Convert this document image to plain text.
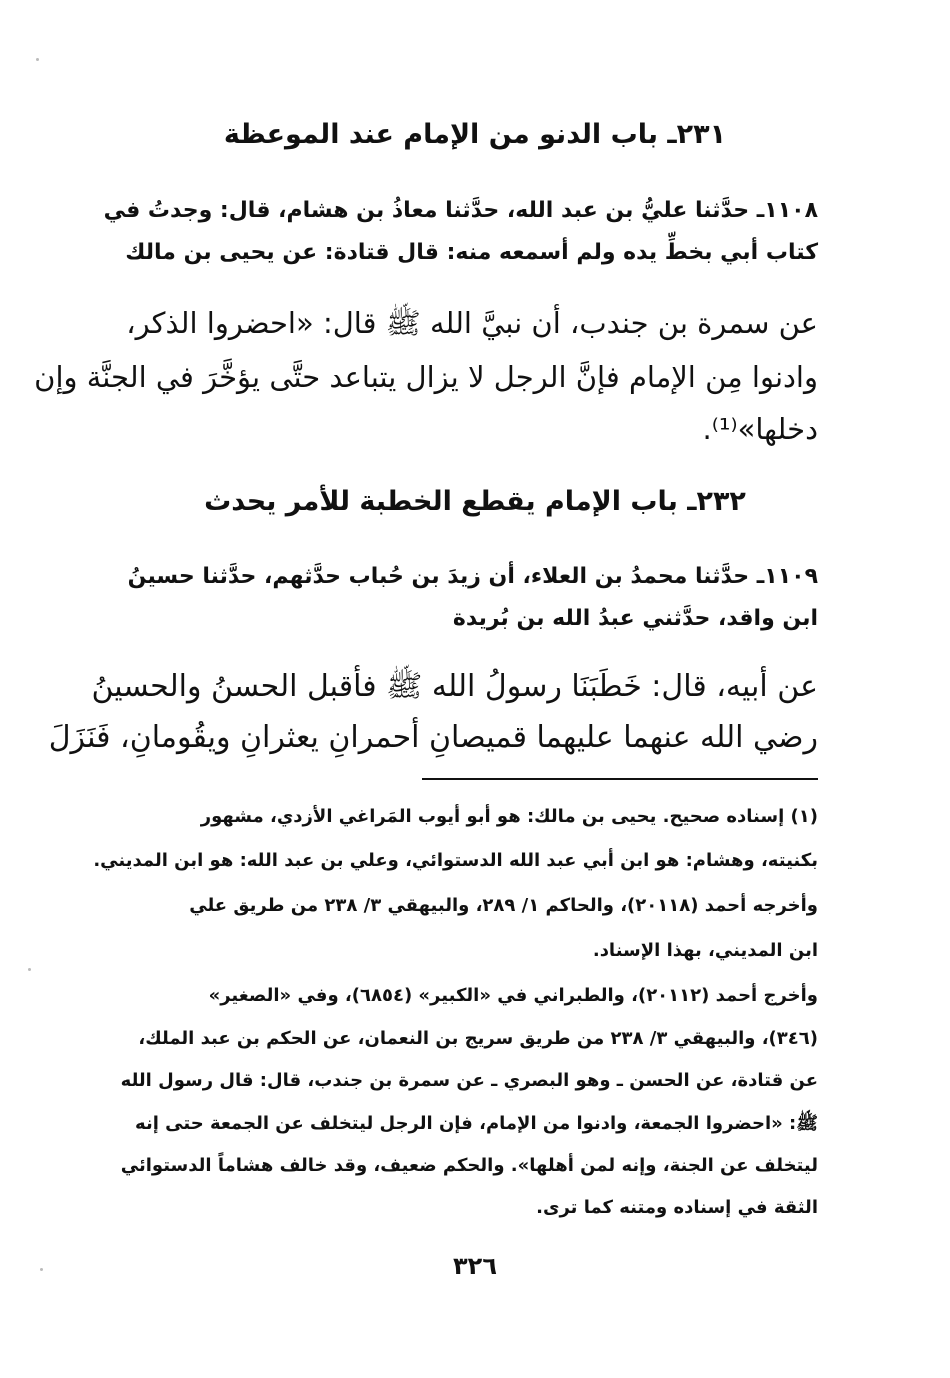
٢٣١ـ باب الدنو من الإمام عند الموعظة
١١٠٨ـ حدَّثنا عليُّ بن عبد الله، حدَّثنا معاذُ بن هشام، قال: وجدتُ في
كتاب أبي بخطِّ يده ولم أسمعه منه: قال قتادة: عن يحيى بن مالك
عن سمرة بن جندب، أن نبيَّ الله ﷺ قال: «احضروا الذكر،
وادنوا مِن الإمام فإنَّ الرجل لا يزال يتباعد حتَّى يؤخَّرَ في الجنَّة وإن
دخلها»⁽¹⁾.
٢٣٢ـ باب الإمام يقطع الخطبة للأمر يحدث
١١٠٩ـ حدَّثنا محمدُ بن العلاء، أن زيدَ بن حُباب حدَّثهم، حدَّثنا حسينُ
ابن واقد، حدَّثني عبدُ الله بن بُريدة
عن أبيه، قال: خَطَبَنَا رسولُ الله ﷺ فأقبل الحسنُ والحسينُ
رضي الله عنهما عليهما قميصانِ أحمرانِ يعثرانِ ويقُومانِ، فَنَزَلَ
(١) إسناده صحيح. يحيى بن مالك: هو أبو أيوب المَراغي الأزدي، مشهور
بكنيته، وهشام: هو ابن أبي عبد الله الدستوائي، وعلي بن عبد الله: هو ابن المديني.
وأخرجه أحمد (٢٠١١٨)، والحاكم ١/ ٢٨٩، والبيهقي ٣/ ٢٣٨ من طريق علي
ابن المديني، بهذا الإسناد.
وأخرج أحمد (٢٠١١٢)، والطبراني في «الكبير» (٦٨٥٤)، وفي «الصغير»
(٣٤٦)، والبيهقي ٣/ ٢٣٨ من طريق سريج بن النعمان، عن الحكم بن عبد الملك،
عن قتادة، عن الحسن ـ وهو البصري ـ عن سمرة بن جندب، قال: قال رسول الله
ﷺ: «احضروا الجمعة، وادنوا من الإمام، فإن الرجل ليتخلف عن الجمعة حتى إنه
ليتخلف عن الجنة، وإنه لمن أهلها». والحكم ضعيف، وقد خالف هشاماً الدستوائي
الثقة في إسناده ومتنه كما ترى.
٣٢٦
